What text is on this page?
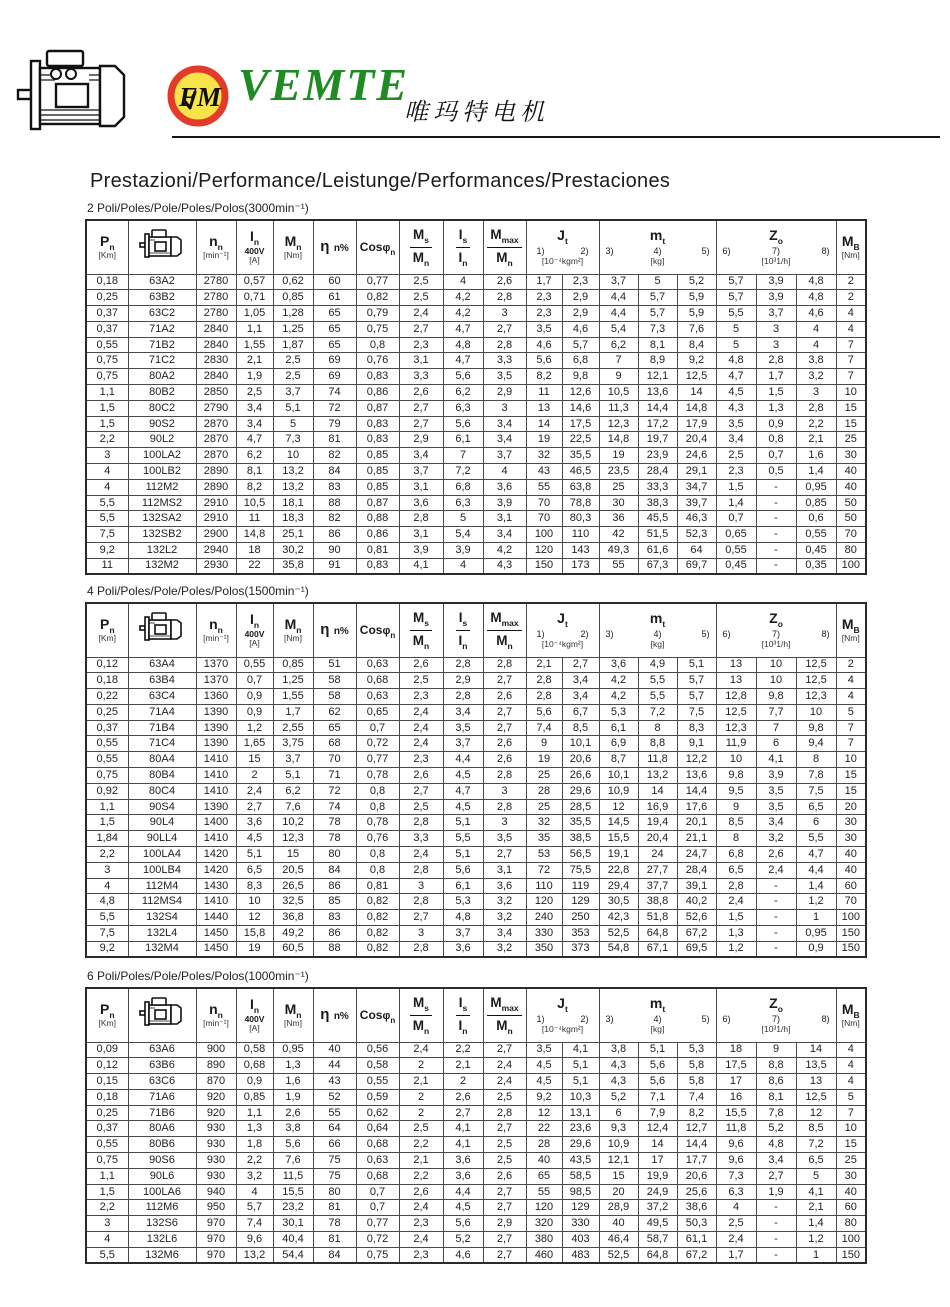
FM VEMTE
唯玛特电机
Prestazioni/Performance/Leistunge/Performances/Prestaciones
2 Poli/Poles/Pole/Poles/Polos(3000min⁻¹)
$P_n$
[Km]

$n_n$
[min⁻¹]

$I_n$
400V
[A]

$M_n$
[Nm]	η n%	Cosφ$_n$	$\frac{M_s}{M_n}$	$\frac{I_s}{I_n}$	$\frac{M_{max}}{M_n}$	$J_t$
1)	2)
[10⁻⁴kgm²]

$m_t$
3)	4)	5)
[kg]

$Z_o$
6)	7)	8)
[10³1/h]

$M_B$
[Nm]

0,18	63A2	2780	0,57	0,62	60	0,77	2,5	4	2,6	1,7	2,3	3,7	5	5,2	5,7	3,9	4,8	2
0,25	63B2	2780	0,71	0,85	61	0,82	2,5	4,2	2,8	2,3	2,9	4,4	5,7	5,9	5,7	3,9	4,8	2
0,37	63C2	2780	1,05	1,28	65	0,79	2,4	4,2	3	2,3	2,9	4,4	5,7	5,9	5,5	3,7	4,6	4
0,37	71A2	2840	1,1	1,25	65	0,75	2,7	4,7	2,7	3,5	4,6	5,4	7,3	7,6	5	3	4	4
0,55	71B2	2840	1,55	1,87	65	0,8	2,3	4,8	2,8	4,6	5,7	6,2	8,1	8,4	5	3	4	7
0,75	71C2	2830	2,1	2,5	69	0,76	3,1	4,7	3,3	5,6	6,8	7	8,9	9,2	4,8	2,8	3,8	7
0,75	80A2	2840	1,9	2,5	69	0,83	3,3	5,6	3,5	8,2	9,8	9	12,1	12,5	4,7	1,7	3,2	7
1,1	80B2	2850	2,5	3,7	74	0,86	2,6	6,2	2,9	11	12,6	10,5	13,6	14	4,5	1,5	3	10
1,5	80C2	2790	3,4	5,1	72	0,87	2,7	6,3	3	13	14,6	11,3	14,4	14,8	4,3	1,3	2,8	15
1,5	90S2	2870	3,4	5	79	0,83	2,7	5,6	3,4	14	17,5	12,3	17,2	17,9	3,5	0,9	2,2	15
2,2	90L2	2870	4,7	7,3	81	0,83	2,9	6,1	3,4	19	22,5	14,8	19,7	20,4	3,4	0,8	2,1	25
3	100LA2	2870	6,2	10	82	0,85	3,4	7	3,7	32	35,5	19	23,9	24,6	2,5	0,7	1,6	30
4	100LB2	2890	8,1	13,2	84	0,85	3,7	7,2	4	43	46,5	23,5	28,4	29,1	2,3	0,5	1,4	40
4	112M2	2890	8,2	13,2	83	0,85	3,1	6,8	3,6	55	63,8	25	33,3	34,7	1,5	-	0,95	40
5,5	112MS2	2910	10,5	18,1	88	0,87	3,6	6,3	3,9	70	78,8	30	38,3	39,7	1,4	-	0,85	50
5,5	132SA2	2910	11	18,3	82	0,88	2,8	5	3,1	70	80,3	36	45,5	46,3	0,7	-	0,6	50
7,5	132SB2	2900	14,8	25,1	86	0,86	3,1	5,4	3,4	100	110	42	51,5	52,3	0,65	-	0,55	70
9,2	132L2	2940	18	30,2	90	0,81	3,9	3,9	4,2	120	143	49,3	61,6	64	0,55	-	0,45	80
11	132M2	2930	22	35,8	91	0,83	4,1	4	4,3	150	173	55	67,3	69,7	0,45	-	0,35	100
4 Poli/Poles/Pole/Poles/Polos(1500min⁻¹)
$P_n$
[Km]

$n_n$
[min⁻¹]

$I_n$
400V
[A]

$M_n$
[Nm]	η n%	Cosφ$_n$	$\frac{M_s}{M_n}$	$\frac{I_s}{I_n}$	$\frac{M_{max}}{M_n}$	$J_t$
1)	2)
[10⁻⁴kgm²]

$m_t$
3)	4)	5)
[kg]

$Z_o$
6)	7)	8)
[10³1/h]

$M_B$
[Nm]

0,12	63A4	1370	0,55	0,85	51	0,63	2,6	2,8	2,8	2,1	2,7	3,6	4,9	5,1	13	10	12,5	2
0,18	63B4	1370	0,7	1,25	58	0,68	2,5	2,9	2,7	2,8	3,4	4,2	5,5	5,7	13	10	12,5	4
0,22	63C4	1360	0,9	1,55	58	0,63	2,3	2,8	2,6	2,8	3,4	4,2	5,5	5,7	12,8	9,8	12,3	4
0,25	71A4	1390	0,9	1,7	62	0,65	2,4	3,4	2,7	5,6	6,7	5,3	7,2	7,5	12,5	7,7	10	5
0,37	71B4	1390	1,2	2,55	65	0,7	2,4	3,5	2,7	7,4	8,5	6,1	8	8,3	12,3	7	9,8	7
0,55	71C4	1390	1,65	3,75	68	0,72	2,4	3,7	2,6	9	10,1	6,9	8,8	9,1	11,9	6	9,4	7
0,55	80A4	1410	15	3,7	70	0,77	2,3	4,4	2,6	19	20,6	8,7	11,8	12,2	10	4,1	8	10
0,75	80B4	1410	2	5,1	71	0,78	2,6	4,5	2,8	25	26,6	10,1	13,2	13,6	9,8	3,9	7,8	15
0,92	80C4	1410	2,4	6,2	72	0,8	2,7	4,7	3	28	29,6	10,9	14	14,4	9,5	3,5	7,5	15
1,1	90S4	1390	2,7	7,6	74	0,8	2,5	4,5	2,8	25	28,5	12	16,9	17,6	9	3,5	6,5	20
1,5	90L4	1400	3,6	10,2	78	0,78	2,8	5,1	3	32	35,5	14,5	19,4	20,1	8,5	3,4	6	30
1,84	90LL4	1410	4,5	12,3	78	0,76	3,3	5,5	3,5	35	38,5	15,5	20,4	21,1	8	3,2	5,5	30
2,2	100LA4	1420	5,1	15	80	0,8	2,4	5,1	2,7	53	56,5	19,1	24	24,7	6,8	2,6	4,7	40
3	100LB4	1420	6,5	20,5	84	0,8	2,8	5,6	3,1	72	75,5	22,8	27,7	28,4	6,5	2,4	4,4	40
4	112M4	1430	8,3	26,5	86	0,81	3	6,1	3,6	110	119	29,4	37,7	39,1	2,8	-	1,4	60
4,8	112MS4	1410	10	32,5	85	0,82	2,8	5,3	3,2	120	129	30,5	38,8	40,2	2,4	-	1,2	70
5,5	132S4	1440	12	36,8	83	0,82	2,7	4,8	3,2	240	250	42,3	51,8	52,6	1,5	-	1	100
7,5	132L4	1450	15,8	49,2	86	0,82	3	3,7	3,4	330	353	52,5	64,8	67,2	1,3	-	0,95	150
9,2	132M4	1450	19	60,5	88	0,82	2,8	3,6	3,2	350	373	54,8	67,1	69,5	1,2	-	0,9	150
6 Poli/Poles/Pole/Poles/Polos(1000min⁻¹)
$P_n$
[Km]

$n_n$
[min⁻¹]

$I_n$
400V
[A]

$M_n$
[Nm]	η n%	Cosφ$_n$	$\frac{M_s}{M_n}$	$\frac{I_s}{I_n}$	$\frac{M_{max}}{M_n}$	$J_t$
1)	2)
[10⁻⁴kgm²]

$m_t$
3)	4)	5)
[kg]

$Z_o$
6)	7)	8)
[10³1/h]

$M_B$
[Nm]

0,09	63A6	900	0,58	0,95	40	0,56	2,4	2,2	2,7	3,5	4,1	3,8	5,1	5,3	18	9	14	4
0,12	63B6	890	0,68	1,3	44	0,58	2	2,1	2,4	4,5	5,1	4,3	5,6	5,8	17,5	8,8	13,5	4
0,15	63C6	870	0,9	1,6	43	0,55	2,1	2	2,4	4,5	5,1	4,3	5,6	5,8	17	8,6	13	4
0,18	71A6	920	0,85	1,9	52	0,59	2	2,6	2,5	9,2	10,3	5,2	7,1	7,4	16	8,1	12,5	5
0,25	71B6	920	1,1	2,6	55	0,62	2	2,7	2,8	12	13,1	6	7,9	8,2	15,5	7,8	12	7
0,37	80A6	930	1,3	3,8	64	0,64	2,5	4,1	2,7	22	23,6	9,3	12,4	12,7	11,8	5,2	8,5	10
0,55	80B6	930	1,8	5,6	66	0,68	2,2	4,1	2,5	28	29,6	10,9	14	14,4	9,6	4,8	7,2	15
0,75	90S6	930	2,2	7,6	75	0,63	2,1	3,6	2,5	40	43,5	12,1	17	17,7	9,6	3,4	6,5	25
1,1	90L6	930	3,2	11,5	75	0,68	2,2	3,6	2,6	65	58,5	15	19,9	20,6	7,3	2,7	5	30
1,5	100LA6	940	4	15,5	80	0,7	2,6	4,4	2,7	55	98,5	20	24,9	25,6	6,3	1,9	4,1	40
2,2	112M6	950	5,7	23,2	81	0,7	2,4	4,5	2,7	120	129	28,9	37,2	38,6	4	-	2,1	60
3	132S6	970	7,4	30,1	78	0,77	2,3	5,6	2,9	320	330	40	49,5	50,3	2,5	-	1,4	80
4	132L6	970	9,6	40,4	81	0,72	2,4	5,2	2,7	380	403	46,4	58,7	61,1	2,4	-	1,2	100
5,5	132M6	970	13,2	54,4	84	0,75	2,3	4,6	2,7	460	483	52,5	64,8	67,2	1,7	-	1	150
